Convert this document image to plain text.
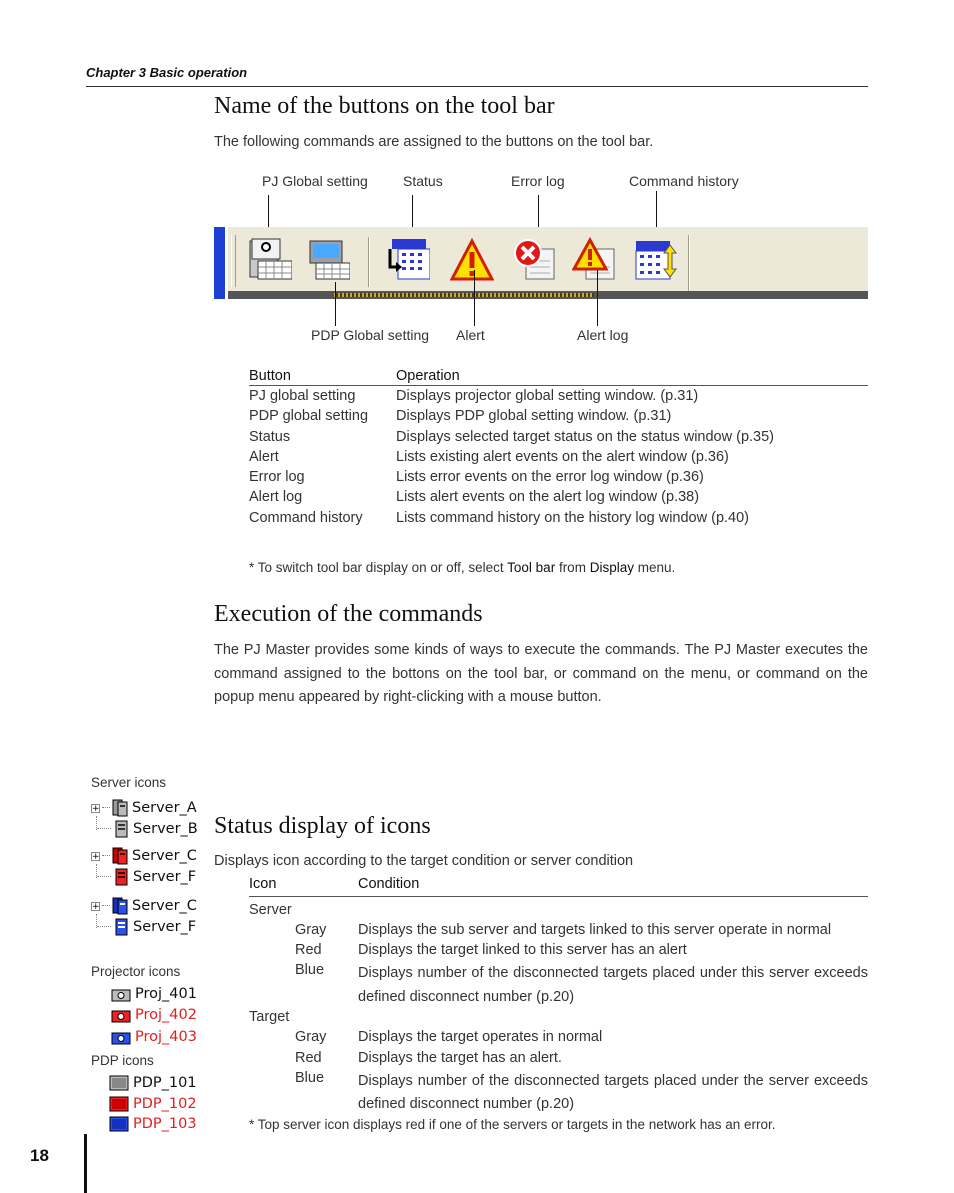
Chapter 3 Basic operation
Name of the buttons on the tool bar
The following commands are assigned to the buttons on the tool bar.
PJ Global setting	Status	Error log	Command history
PDP Global setting Alert	Alert log
Button	Operation
PJ global setting	Displays projector global setting window. (p.31)
PDP global setting	Displays PDP global setting window. (p.31)
Status	Displays selected target status on the status window (p.35)
Alert	Lists existing alert events on the alert window (p.36)
Error log	Lists error events on the error log window (p.36)
Alert log	Lists alert events on the alert log window (p.38)
Command history	Lists command history on the history log window (p.40)
* To switch tool bar display on or off, select Tool bar from Display menu.
Execution of the commands
The PJ Master provides some kinds of ways to execute the commands. The PJ Master executes the command assigned to the bottons on the tool bar, or command on the menu, or command on the popup menu appeared by right-clicking with a mouse button.
Server icons
+ Server_A
Server_B
+ Server_C
Server_F
+ Server_C
Server_F
Projector icons
Proj_401
Proj_402
Proj_403
PDP icons
PDP_101
PDP_102
PDP_103
Status display of icons
Displays icon according to the target condition or server condition
Icon	Condition
Server
Gray Displays the sub server and targets linked to this server operate in normal
Red	Displays the target linked to this server has an alert
Blue Displays number of the disconnected targets placed under this server exceeds defined disconnect number (p.20)
Target
Gray Displays the target operates in normal
Red	Displays the target has an alert.
Blue Displays number of the disconnected targets placed under the server exceeds defined disconnect number (p.20)
* Top server icon displays red if one of the servers or targets in the network has an error.
18
